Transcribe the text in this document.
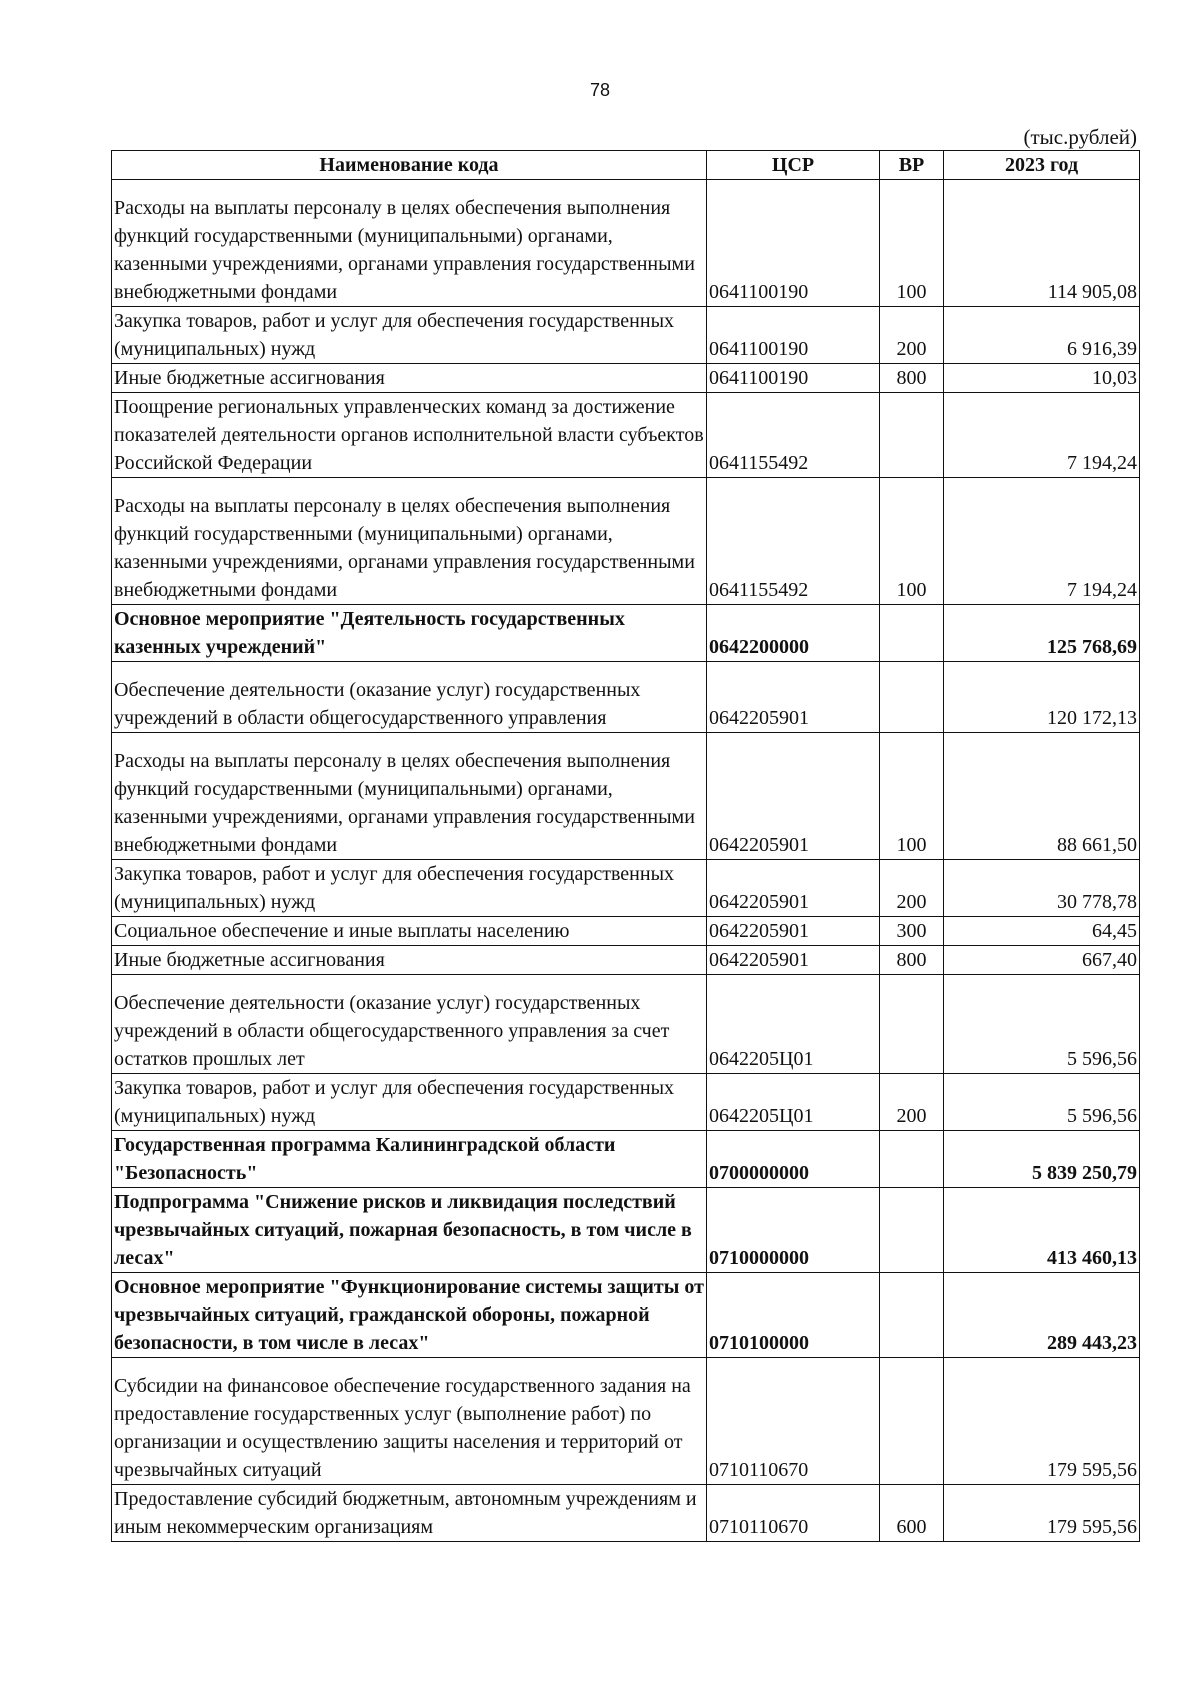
78
(тыс.рублей)
Наименование кода	ЦСР	ВР	2023 год
Расходы на выплаты персоналу в целях обеспечения выполнения функций государственными (муниципальными) органами, казенными учреждениями, органами управления государственными внебюджетными фондами	0641100190	100	114 905,08
Закупка товаров, работ и услуг для обеспечения государственных (муниципальных) нужд	0641100190	200	6 916,39
Иные бюджетные ассигнования	0641100190	800	10,03
Поощрение региональных управленческих команд за достижение показателей деятельности органов исполнительной власти субъектов Российской Федерации	0641155492		7 194,24
Расходы на выплаты персоналу в целях обеспечения выполнения функций государственными (муниципальными) органами, казенными учреждениями, органами управления государственными внебюджетными фондами	0641155492	100	7 194,24
Основное мероприятие "Деятельность государственных казенных учреждений"	0642200000		125 768,69
Обеспечение деятельности (оказание услуг) государственных учреждений в области общегосударственного управления	0642205901		120 172,13
Расходы на выплаты персоналу в целях обеспечения выполнения функций государственными (муниципальными) органами, казенными учреждениями, органами управления государственными внебюджетными фондами	0642205901	100	88 661,50
Закупка товаров, работ и услуг для обеспечения государственных (муниципальных) нужд	0642205901	200	30 778,78
Социальное обеспечение и иные выплаты населению	0642205901	300	64,45
Иные бюджетные ассигнования	0642205901	800	667,40
Обеспечение деятельности (оказание услуг) государственных учреждений в области общегосударственного управления за счет остатков прошлых лет	0642205Ц01		5 596,56
Закупка товаров, работ и услуг для обеспечения государственных (муниципальных) нужд	0642205Ц01	200	5 596,56
Государственная программа Калининградской области "Безопасность"	0700000000		5 839 250,79
Подпрограмма "Снижение рисков и ликвидация последствий чрезвычайных ситуаций, пожарная безопасность, в том числе в лесах"	0710000000		413 460,13
Основное мероприятие "Функционирование системы защиты от чрезвычайных ситуаций, гражданской обороны, пожарной безопасности, в том числе в лесах"	0710100000		289 443,23
Субсидии на финансовое обеспечение государственного задания на предоставление государственных услуг (выполнение работ) по организации и осуществлению защиты населения и территорий от чрезвычайных ситуаций	0710110670		179 595,56
Предоставление субсидий бюджетным, автономным учреждениям и иным некоммерческим организациям	0710110670	600	179 595,56
